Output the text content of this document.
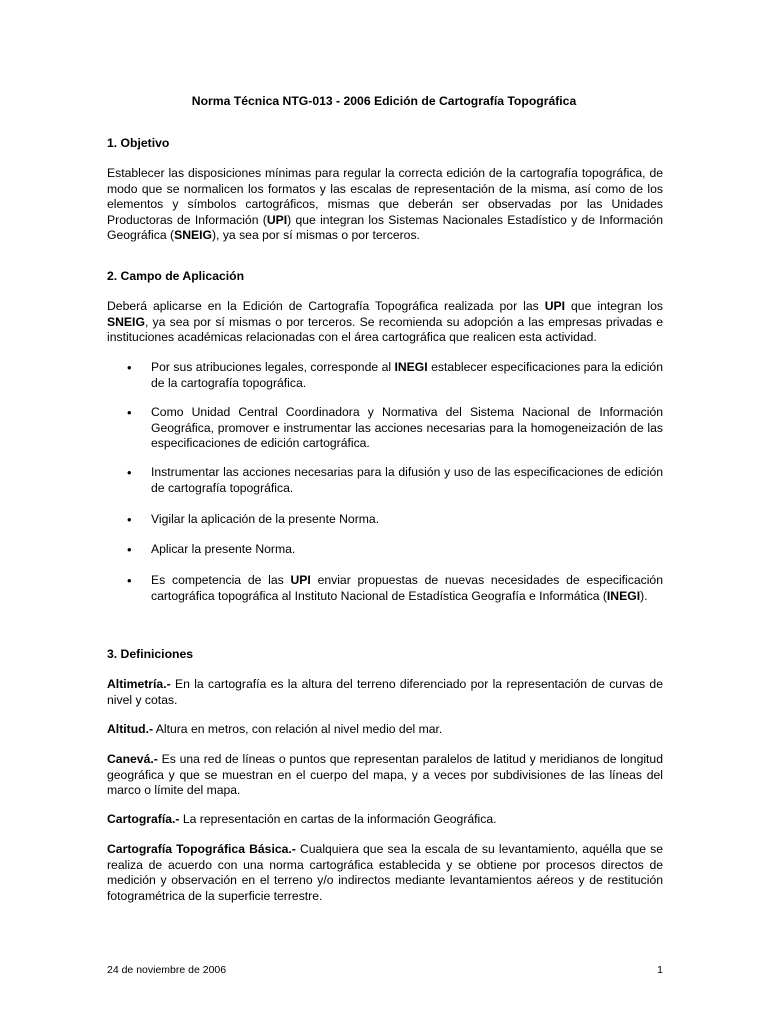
Norma Técnica NTG-013 - 2006 Edición de Cartografía Topográfica
1. Objetivo
Establecer las disposiciones mínimas para regular la correcta edición de la cartografía topográfica, de modo que se normalicen los formatos y las escalas de representación de la misma, así como de los elementos y símbolos cartográficos, mismas que deberán ser observadas por las Unidades Productoras de Información (UPI) que integran los Sistemas Nacionales Estadístico y de Información Geográfica (SNEIG), ya sea por sí mismas o por terceros.
2. Campo de Aplicación
Deberá aplicarse en la Edición de Cartografía Topográfica realizada por las UPI que integran los SNEIG, ya sea por sí mismas o por terceros. Se recomienda su adopción a las empresas privadas e instituciones académicas relacionadas con el área cartográfica que realicen esta actividad.
•	Por sus atribuciones legales, corresponde al INEGI establecer especificaciones para la edición de la cartografía topográfica.
•	Como Unidad Central Coordinadora y Normativa del Sistema Nacional de Información Geográfica, promover e instrumentar las acciones necesarias para la homogeneización de las especificaciones de edición cartográfica.
•	Instrumentar las acciones necesarias para la difusión y uso de las especificaciones de edición de cartografía topográfica.
•	Vigilar la aplicación de la presente Norma.
•	Aplicar la presente Norma.
•	Es competencia de las UPI enviar propuestas de nuevas necesidades de especificación cartográfica topográfica al Instituto Nacional de Estadística Geografía e Informática (INEGI).
3. Definiciones
Altimetría.- En la cartografía es la altura del terreno diferenciado por la representación de curvas de nivel y cotas.
Altitud.- Altura en metros, con relación al nivel medio del mar.
Canevá.- Es una red de líneas o puntos que representan paralelos de latitud y meridianos de longitud geográfica y que se muestran en el cuerpo del mapa, y a veces por subdivisiones de las líneas del marco o límite del mapa.
Cartografía.- La representación en cartas de la información Geográfica.
Cartografía Topográfica Básica.- Cualquiera que sea la escala de su levantamiento, aquélla que se realiza de acuerdo con una norma cartográfica establecida y se obtiene por procesos directos de medición y observación en el terreno y/o indirectos mediante levantamientos aéreos y de restitución fotogramétrica de la superficie terrestre.
24 de noviembre de 2006	1
